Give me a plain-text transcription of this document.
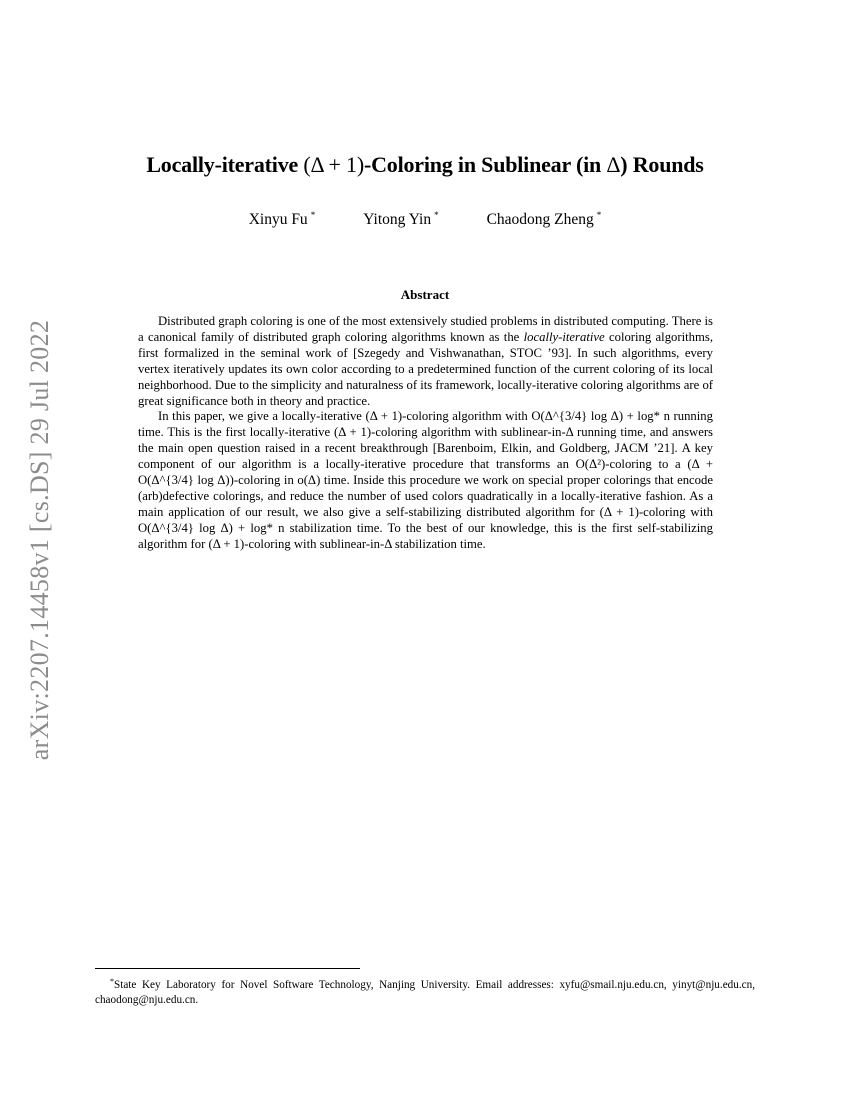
arXiv:2207.14458v1 [cs.DS] 29 Jul 2022
Locally-iterative (Δ + 1)-Coloring in Sublinear (in Δ) Rounds
Xinyu Fu *	Yitong Yin *	Chaodong Zheng *
Abstract

Distributed graph coloring is one of the most extensively studied problems in distributed computing. There is a canonical family of distributed graph coloring algorithms known as the locally-iterative coloring algorithms, first formalized in the seminal work of [Szegedy and Vishwanathan, STOC ’93]. In such algorithms, every vertex iteratively updates its own color according to a predetermined function of the current coloring of its local neighborhood. Due to the simplicity and naturalness of its framework, locally-iterative coloring algorithms are of great significance both in theory and practice.

In this paper, we give a locally-iterative (Δ + 1)-coloring algorithm with O(Δ^{3/4} log Δ) + log* n running time. This is the first locally-iterative (Δ + 1)-coloring algorithm with sublinear-in-Δ running time, and answers the main open question raised in a recent breakthrough [Barenboim, Elkin, and Goldberg, JACM ’21]. A key component of our algorithm is a locally-iterative procedure that transforms an O(Δ²)-coloring to a (Δ + O(Δ^{3/4} log Δ))-coloring in o(Δ) time. Inside this procedure we work on special proper colorings that encode (arb)defective colorings, and reduce the number of used colors quadratically in a locally-iterative fashion. As a main application of our result, we also give a self-stabilizing distributed algorithm for (Δ + 1)-coloring with O(Δ^{3/4} log Δ) + log* n stabilization time. To the best of our knowledge, this is the first self-stabilizing algorithm for (Δ + 1)-coloring with sublinear-in-Δ stabilization time.

*State Key Laboratory for Novel Software Technology, Nanjing University. Email addresses: xyfu@smail.nju.edu.cn, yinyt@nju.edu.cn, chaodong@nju.edu.cn.
